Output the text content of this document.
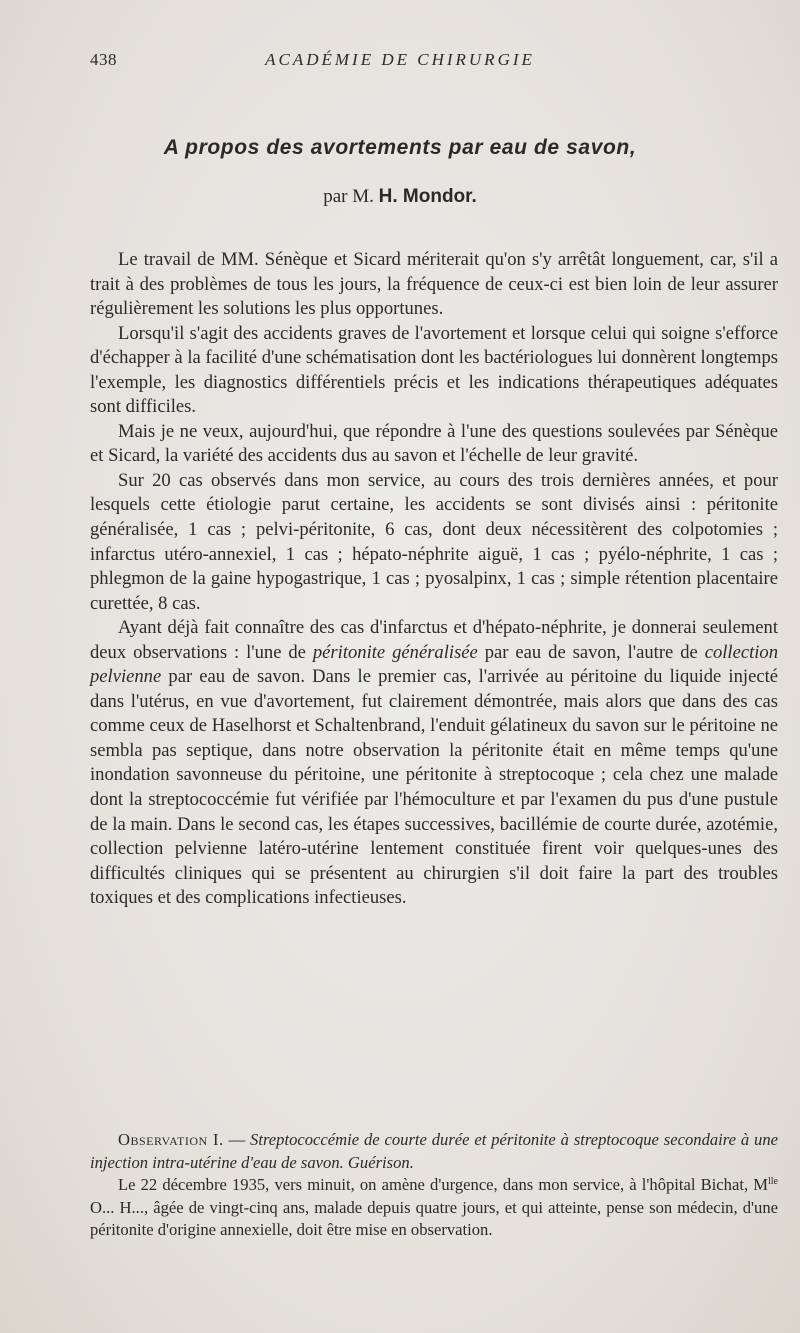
438	ACADÉMIE DE CHIRURGIE
A propos des avortements par eau de savon,
par M. H. Mondor.

Le travail de MM. Sénèque et Sicard mériterait qu'on s'y arrêtât longuement, car, s'il a trait à des problèmes de tous les jours, la fréquence de ceux-ci est bien loin de leur assurer régulièrement les solutions les plus opportunes.

Lorsqu'il s'agit des accidents graves de l'avortement et lorsque celui qui soigne s'efforce d'échapper à la facilité d'une schématisation dont les bactériologues lui donnèrent longtemps l'exemple, les diagnostics différentiels précis et les indications thérapeutiques adéquates sont difficiles.

Mais je ne veux, aujourd'hui, que répondre à l'une des questions soulevées par Sénèque et Sicard, la variété des accidents dus au savon et l'échelle de leur gravité.

Sur 20 cas observés dans mon service, au cours des trois dernières années, et pour lesquels cette étiologie parut certaine, les accidents se sont divisés ainsi : péritonite généralisée, 1 cas ; pelvi-péritonite, 6 cas, dont deux nécessitèrent des colpotomies ; infarctus utéro-annexiel, 1 cas ; hépato-néphrite aiguë, 1 cas ; pyélo-néphrite, 1 cas ; phlegmon de la gaine hypogastrique, 1 cas ; pyosalpinx, 1 cas ; simple rétention placentaire curettée, 8 cas.

Ayant déjà fait connaître des cas d'infarctus et d'hépato-néphrite, je donnerai seulement deux observations : l'une de péritonite généralisée par eau de savon, l'autre de collection pelvienne par eau de savon. Dans le premier cas, l'arrivée au péritoine du liquide injecté dans l'utérus, en vue d'avortement, fut clairement démontrée, mais alors que dans des cas comme ceux de Haselhorst et Schaltenbrand, l'enduit gélatineux du savon sur le péritoine ne sembla pas septique, dans notre observation la péritonite était en même temps qu'une inondation savonneuse du péritoine, une péritonite à streptocoque ; cela chez une malade dont la streptococcémie fut vérifiée par l'hémoculture et par l'examen du pus d'une pustule de la main. Dans le second cas, les étapes successives, bacillémie de courte durée, azotémie, collection pelvienne latéro-utérine lentement constituée firent voir quelques-unes des difficultés cliniques qui se présentent au chirurgien s'il doit faire la part des troubles toxiques et des complications infectieuses.

Observation I. — Streptococcémie de courte durée et péritonite à streptocoque secondaire à une injection intra-utérine d'eau de savon. Guérison.

Le 22 décembre 1935, vers minuit, on amène d'urgence, dans mon service, à l'hôpital Bichat, $M^{lle}$ O... H..., âgée de vingt-cinq ans, malade depuis quatre jours, et qui atteinte, pense son médecin, d'une péritonite d'origine annexielle, doit être mise en observation.
